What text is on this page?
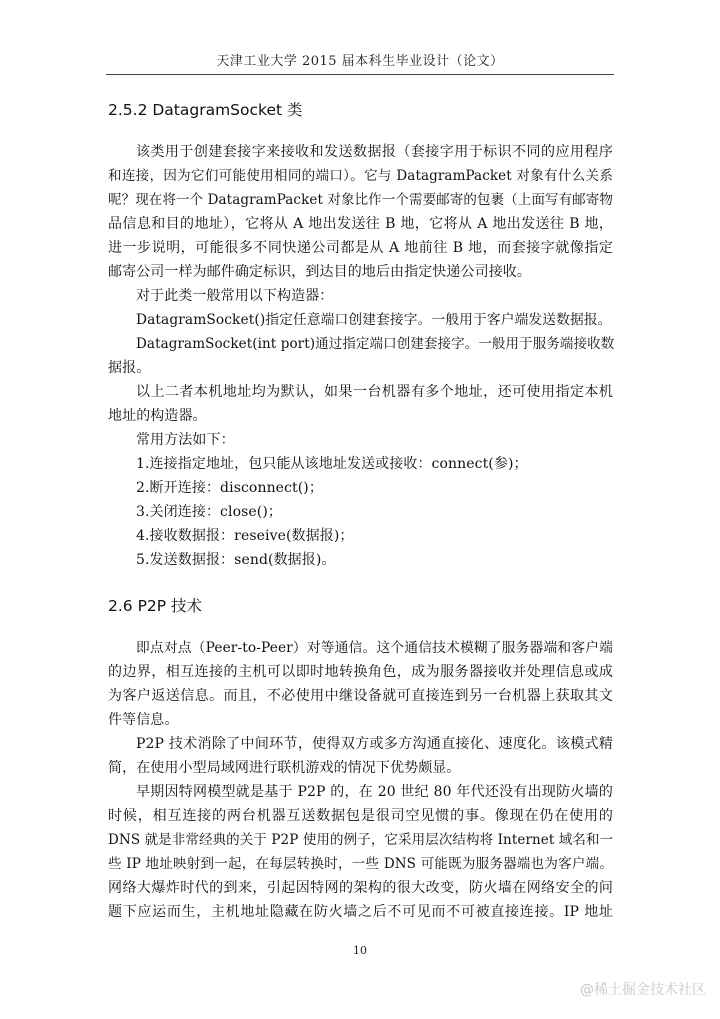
天津工业大学 2015 届本科生毕业设计（论文）
2.5.2 DatagramSocket 类
该类用于创建套接字来接收和发送数据报（套接字用于标识不同的应用程序
和连接，因为它们可能使用相同的端口）。它与 DatagramPacket 对象有什么关系
呢？现在将一个 DatagramPacket 对象比作一个需要邮寄的包裹（上面写有邮寄物
品信息和目的地址），它将从 A 地出发送往 B 地，它将从 A 地出发送往 B 地，
进一步说明，可能很多不同快递公司都是从 A 地前往 B 地，而套接字就像指定
邮寄公司一样为邮件确定标识，到达目的地后由指定快递公司接收。
对于此类一般常用以下构造器：
DatagramSocket()指定任意端口创建套接字。一般用于客户端发送数据报。
DatagramSocket(int port)通过指定端口创建套接字。一般用于服务端接收数
据报。
以上二者本机地址均为默认，如果一台机器有多个地址，还可使用指定本机
地址的构造器。
常用方法如下：
1.连接指定地址，包只能从该地址发送或接收：connect(参)；
2.断开连接：disconnect()；
3.关闭连接：close()；
4.接收数据报：reseive(数据报)；
5.发送数据报：send(数据报)。
2.6 P2P 技术
即点对点（Peer-to-Peer）对等通信。这个通信技术模糊了服务器端和客户端
的边界，相互连接的主机可以即时地转换角色，成为服务器接收并处理信息或成
为客户返送信息。而且，不必使用中继设备就可直接连到另一台机器上获取其文
件等信息。
P2P 技术消除了中间环节，使得双方或多方沟通直接化、速度化。该模式精
简，在使用小型局域网进行联机游戏的情况下优势颇显。
早期因特网模型就是基于 P2P 的，在 20 世纪 80 年代还没有出现防火墙的
时候，相互连接的两台机器互送数据包是很司空见惯的事。像现在仍在使用的
DNS 就是非常经典的关于 P2P 使用的例子，它采用层次结构将 Internet 域名和一
些 IP 地址映射到一起，在每层转换时，一些 DNS 可能既为服务器端也为客户端。
网络大爆炸时代的到来，引起因特网的架构的很大改变，防火墙在网络安全的问
题下应运而生，主机地址隐藏在防火墙之后不可见而不可被直接连接。IP 地址
10
@稀土掘金技术社区
